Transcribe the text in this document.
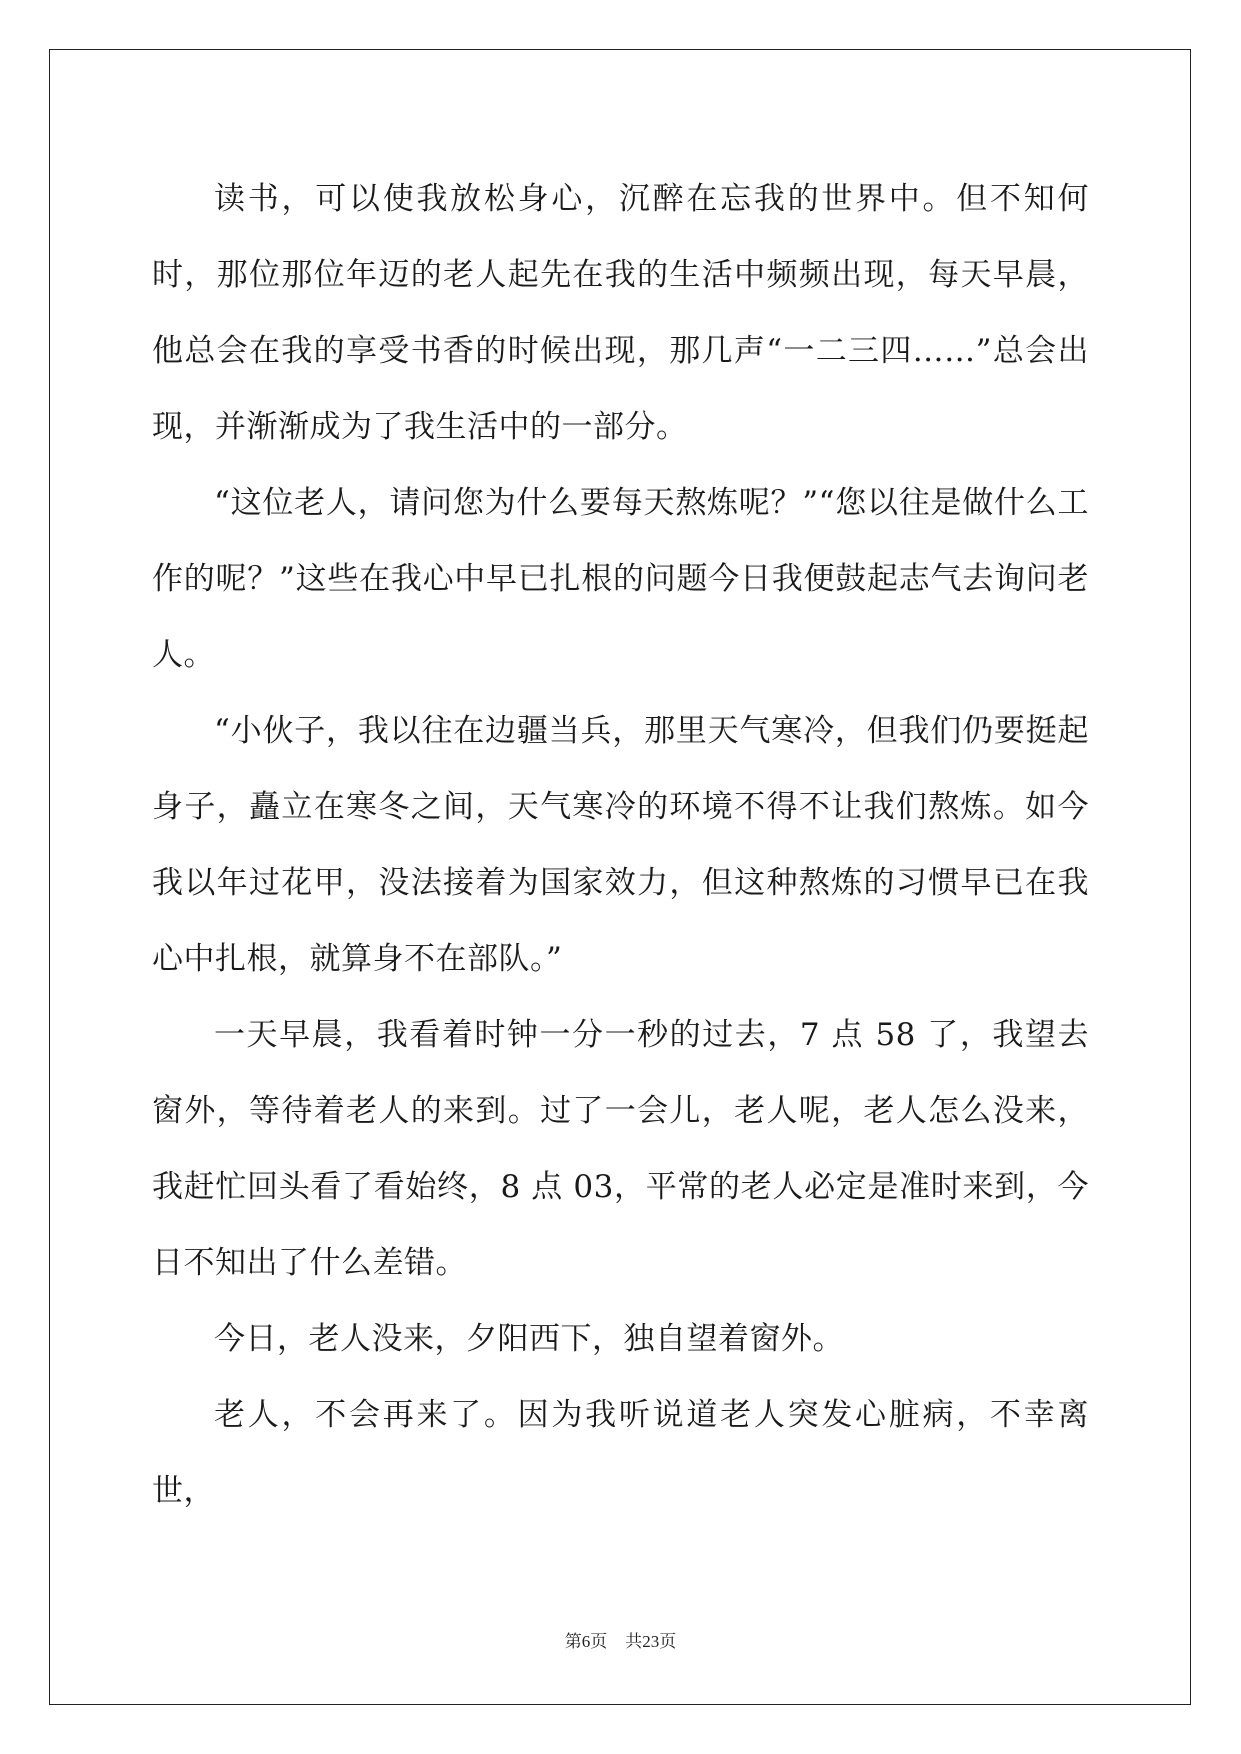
读书，可以使我放松身心，沉醉在忘我的世界中。但不知何时，那位那位年迈的老人起先在我的生活中频频出现，每天早晨，他总会在我的享受书香的时候出现，那几声“一二三四……”总会出现，并渐渐成为了我生活中的一部分。

“这位老人，请问您为什么要每天熬炼呢？”“您以往是做什么工作的呢？”这些在我心中早已扎根的问题今日我便鼓起志气去询问老人。

“小伙子，我以往在边疆当兵，那里天气寒冷，但我们仍要挺起身子，矗立在寒冬之间，天气寒冷的环境不得不让我们熬炼。如今我以年过花甲，没法接着为国家效力，但这种熬炼的习惯早已在我心中扎根，就算身不在部队。”

一天早晨，我看着时钟一分一秒的过去，7 点 58 了，我望去窗外，等待着老人的来到。过了一会儿，老人呢，老人怎么没来，我赶忙回头看了看始终，8 点 03，平常的老人必定是准时来到，今日不知出了什么差错。

今日，老人没来，夕阳西下，独自望着窗外。

老人，不会再来了。因为我听说道老人突发心脏病，不幸离世，

第6页 共23页
